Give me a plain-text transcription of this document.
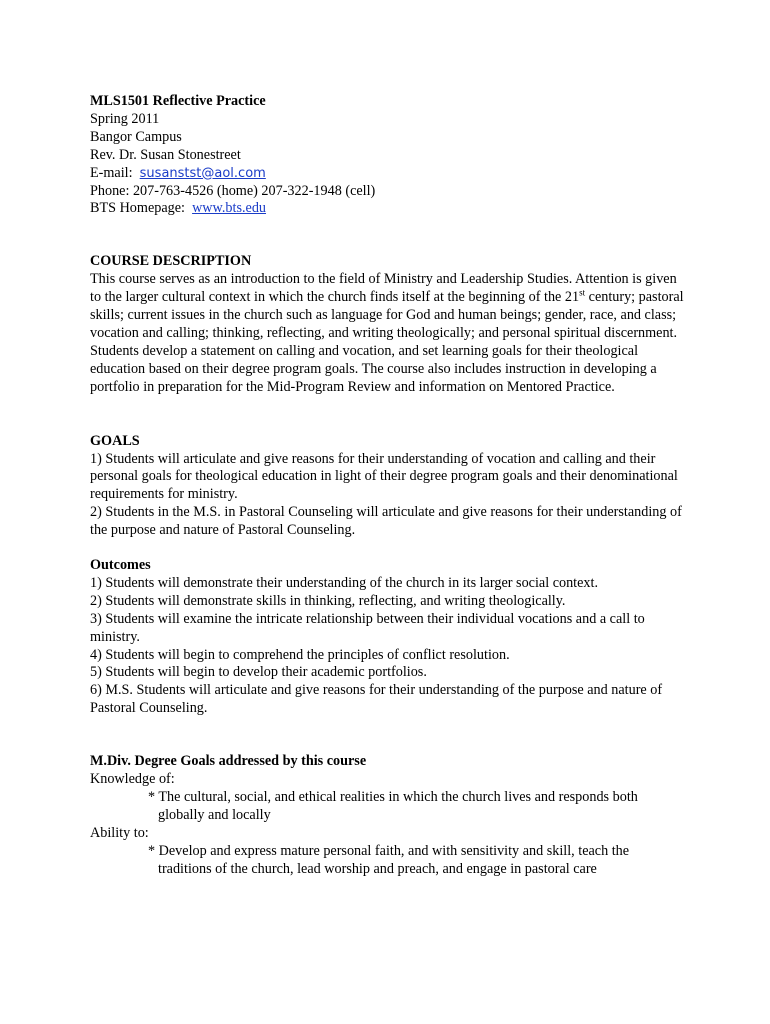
MLS1501 Reflective Practice

Spring 2011

Bangor Campus

Rev. Dr. Susan Stonestreet

E-mail: susanstst@aol.com

Phone: 207-763-4526 (home) 207-322-1948 (cell)

BTS Homepage: www.bts.edu

COURSE DESCRIPTION

This course serves as an introduction to the field of Ministry and Leadership Studies. Attention is given to the larger cultural context in which the church finds itself at the beginning of the 21st century; pastoral skills; current issues in the church such as language for God and human beings; gender, race, and class; vocation and calling; thinking, reflecting, and writing theologically; and personal spiritual discernment.

Students develop a statement on calling and vocation, and set learning goals for their theological education based on their degree program goals. The course also includes instruction in developing a portfolio in preparation for the Mid-Program Review and information on Mentored Practice.

GOALS

1) Students will articulate and give reasons for their understanding of vocation and calling and their personal goals for theological education in light of their degree program goals and their denominational requirements for ministry.

2) Students in the M.S. in Pastoral Counseling will articulate and give reasons for their understanding of the purpose and nature of Pastoral Counseling.

Outcomes

1) Students will demonstrate their understanding of the church in its larger social context.

2) Students will demonstrate skills in thinking, reflecting, and writing theologically.

3) Students will examine the intricate relationship between their individual vocations and a call to ministry.

4) Students will begin to comprehend the principles of conflict resolution.

5) Students will begin to develop their academic portfolios.

6) M.S. Students will articulate and give reasons for their understanding of the purpose and nature of Pastoral Counseling.

M.Div. Degree Goals addressed by this course

Knowledge of:

* The cultural, social, and ethical realities in which the church lives and responds both
globally and locally

Ability to:

* Develop and express mature personal faith, and with sensitivity and skill, teach the
traditions of the church, lead worship and preach, and engage in pastoral care
